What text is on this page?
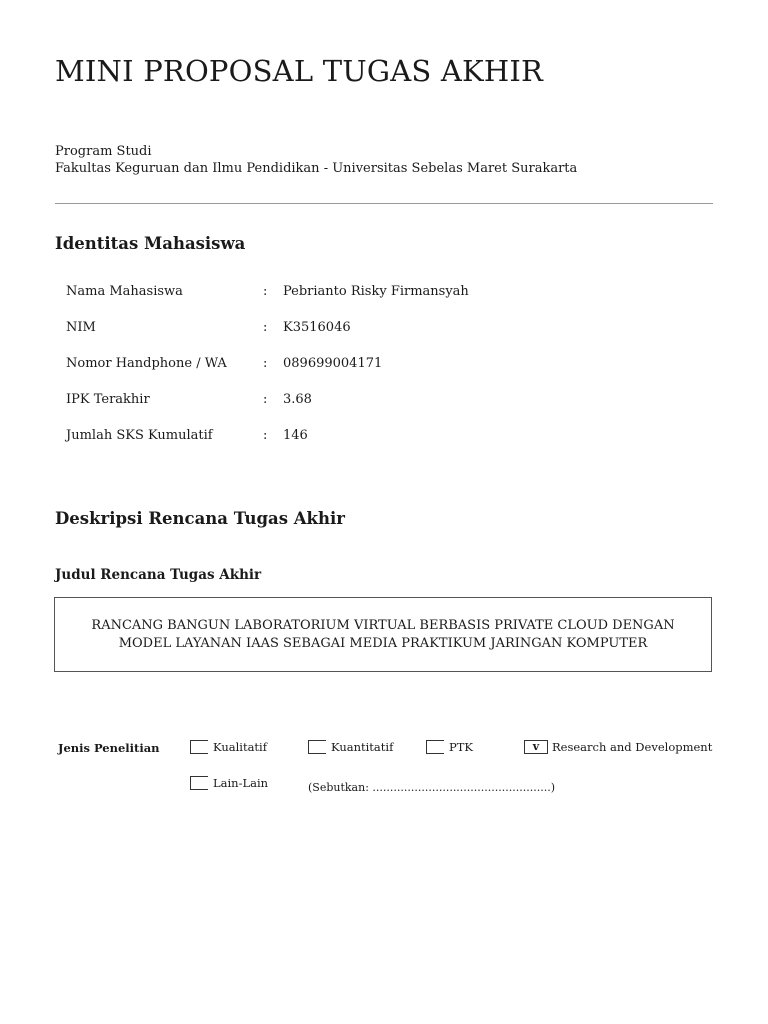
MINI PROPOSAL TUGAS AKHIR
Program Studi
Fakultas Keguruan dan Ilmu Pendidikan - Universitas Sebelas Maret Surakarta
Identitas Mahasiswa
Nama Mahasiswa	: Pebrianto Risky Firmansyah
NIM	: K3516046
Nomor Handphone / WA	: 089699004171
IPK Terakhir	: 3.68
Jumlah SKS Kumulatif	: 146
Deskripsi Rencana Tugas Akhir
Judul Rencana Tugas Akhir
RANCANG BANGUN LABORATORIUM VIRTUAL BERBASIS PRIVATE CLOUD DENGAN MODEL LAYANAN IAAS SEBAGAI MEDIA PRAKTIKUM JARINGAN KOMPUTER
Jenis Penelitian	Kualitatif	Kuantitatif	PTK	v	Research and Development
Lain-Lain	(Sebutkan: ...................................................)
